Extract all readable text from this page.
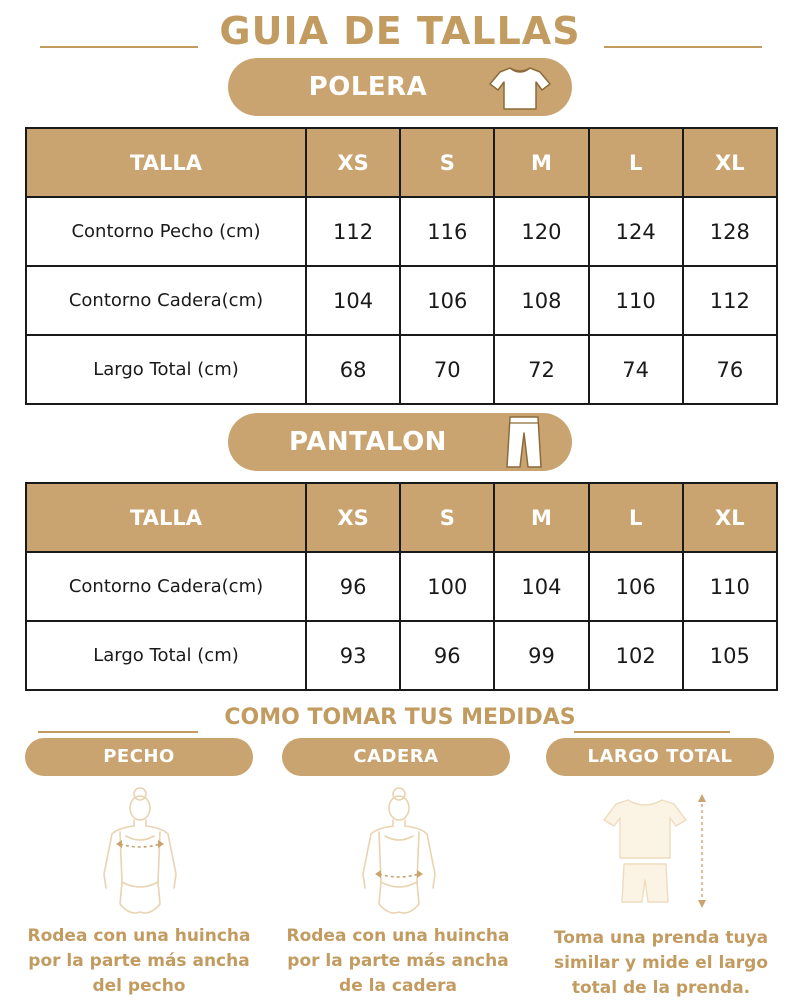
GUIA DE TALLAS
POLERA
TALLA	XS	S	M	L	XL
Contorno Pecho (cm)	112	116	120	124	128
Contorno Cadera(cm)	104	106	108	110	112
Largo Total (cm)	68	70	72	74	76
PANTALON
TALLA	XS	S	M	L	XL
Contorno Cadera(cm)	96	100	104	106	110
Largo Total (cm)	93	96	99	102	105
COMO TOMAR TUS MEDIDAS
PECHO	CADERA	LARGO TOTAL
Rodea con una huincha
por la parte más ancha
del pecho
Rodea con una huincha
por la parte más ancha
de la cadera
Toma una prenda tuya
similar y mide el largo
total de la prenda.
